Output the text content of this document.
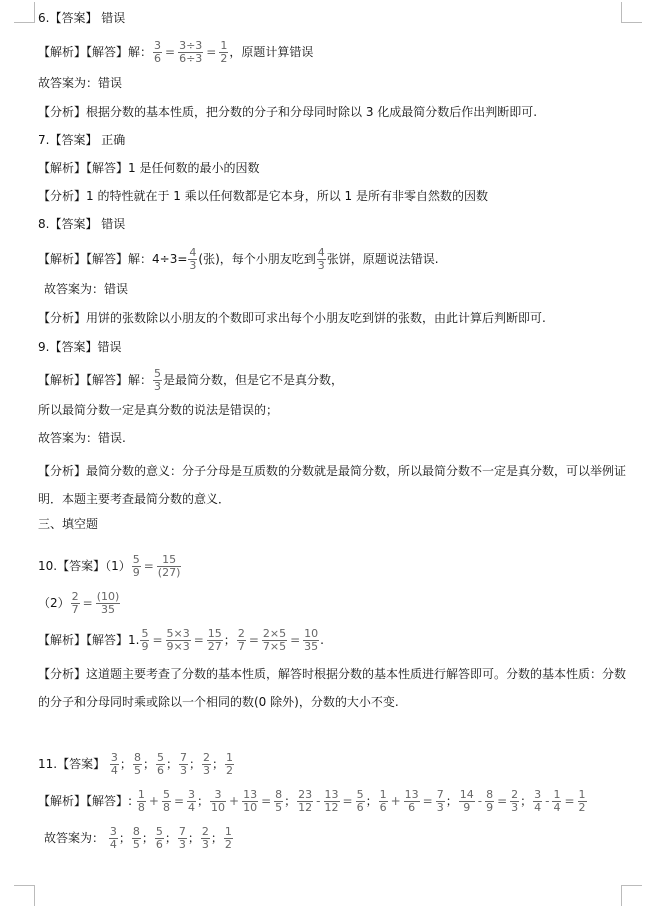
6.【答案】 错误
【解析】【解答】解： $\frac{3}{6} = \frac{3\div 3}{6\div 3} = \frac{1}{2}$ ，原题计算错误
故答案为：错误
【分析】根据分数的基本性质，把分数的分子和分母同时除以 3 化成最简分数后作出判断即可.
7.【答案】 正确
【解析】【解答】1 是任何数的最小的因数
【分析】1 的特性就在于 1 乘以任何数都是它本身，所以 1 是所有非零自然数的因数
8.【答案】 错误
【解析】【解答】解：$4\div 3= \frac{4}{3}$ (张)，每个小朋友吃到 $\frac{4}{3}$ 张饼，原题说法错误.
故答案为：错误
【分析】用饼的张数除以小朋友的个数即可求出每个小朋友吃到饼的张数，由此计算后判断即可.
9.【答案】错误
【解析】【解答】解： $\frac{5}{3}$ 是最简分数，但是它不是真分数，
所以最简分数一定是真分数的说法是错误的；
故答案为：错误.
【分析】最简分数的意义：分子分母是互质数的分数就是最简分数，所以最简分数不一定是真分数，可以举例证明．本题主要考查最简分数的意义．
三、填空题
10.【答案】$(1) \frac{5}{9} = \frac{15}{(27)}$
$(2) \frac{2}{7} = \frac{(10)}{35}$
【解析】【解答】1. $\frac{5}{9} = \frac{5\times 3}{9\times 3} = \frac{15}{27}$ ； $\frac{2}{7} = \frac{2\times 5}{7\times 5} = \frac{10}{35}$ .
【分析】这道题主要考查了分数的基本性质，解答时根据分数的基本性质进行解答即可。分数的基本性质：分数的分子和分母同时乘或除以一个相同的数(0 除外)，分数的大小不变.
11.【答案】 $\frac{3}{4}$ ； $\frac{8}{5}$ ； $\frac{5}{6}$ ； $\frac{7}{3}$ ； $\frac{2}{3}$ ； $\frac{1}{2}$
【解析】【解答】: $\frac{1}{8} + \frac{5}{8} = \frac{3}{4}$ ； $\frac{3}{10} + \frac{13}{10} = \frac{8}{5}$ ； $\frac{23}{12} - \frac{13}{12} = \frac{5}{6}$ ； $\frac{1}{6} + \frac{13}{6} = \frac{7}{3}$ ； $\frac{14}{9} - \frac{8}{9} = \frac{2}{3}$ ； $\frac{3}{4} - \frac{1}{4} = \frac{1}{2}$
故答案为： $\frac{3}{4}$ ； $\frac{8}{5}$ ； $\frac{5}{6}$ ； $\frac{7}{3}$ ； $\frac{2}{3}$ ； $\frac{1}{2}$
